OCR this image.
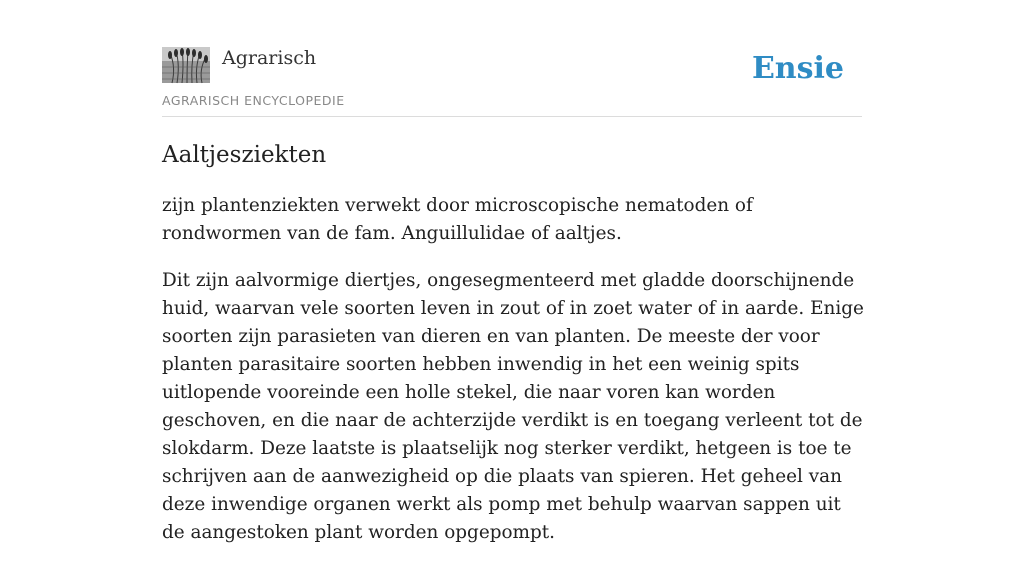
Agrarisch
AGRARISCH ENCYCLOPEDIE
Ensie
Aaltjesziekten

zijn plantenziekten verwekt door microscopische nematoden of rondwormen van de fam. Anguillulidae of aaltjes.

Dit zijn aalvormige diertjes, ongesegmenteerd met gladde doorschijnende huid, waarvan vele soorten leven in zout of in zoet water of in aarde. Enige soorten zijn parasieten van dieren en van planten. De meeste der voor planten parasitaire soorten hebben inwendig in het een weinig spits uitlopende vooreinde een holle stekel, die naar voren kan worden geschoven, en die naar de achterzijde verdikt is en toegang verleent tot de slokdarm. Deze laatste is plaatselijk nog sterker verdikt, hetgeen is toe te schrijven aan de aanwezigheid op die plaats van spieren. Het geheel van deze inwendige organen werkt als pomp met behulp waarvan sappen uit de aangestoken plant worden opgepompt.
